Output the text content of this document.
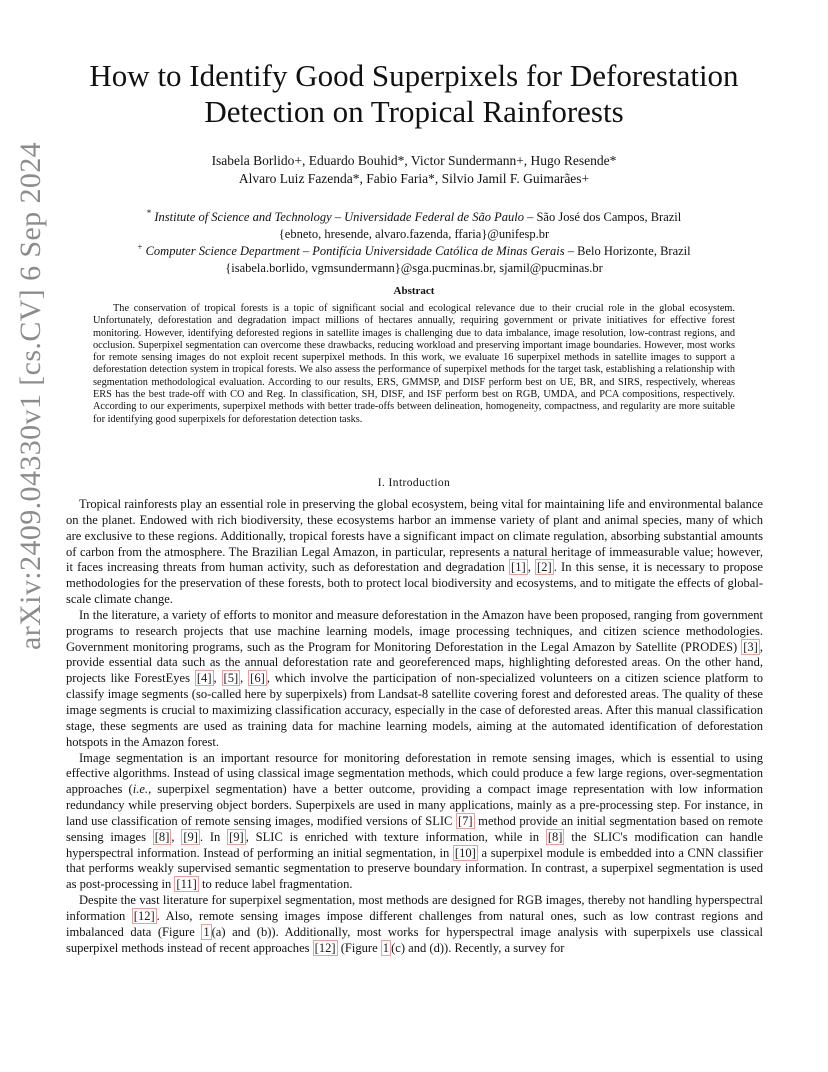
arXiv:2409.04330v1 [cs.CV] 6 Sep 2024
How to Identify Good Superpixels for Deforestation
Detection on Tropical Rainforests
Isabela Borlido+, Eduardo Bouhid*, Victor Sundermann+, Hugo Resende*
Alvaro Luiz Fazenda*, Fabio Faria*, Silvio Jamil F. Guimarães+
* Institute of Science and Technology – Universidade Federal de São Paulo – São José dos Campos, Brazil
{ebneto, hresende, alvaro.fazenda, ffaria}@unifesp.br
+ Computer Science Department – Pontifícia Universidade Católica de Minas Gerais – Belo Horizonte, Brazil
{isabela.borlido, vgmsundermann}@sga.pucminas.br, sjamil@pucminas.br
Abstract
The conservation of tropical forests is a topic of significant social and ecological relevance due to their crucial role in the global ecosystem. Unfortunately, deforestation and degradation impact millions of hectares annually, requiring government or private initiatives for effective forest monitoring. However, identifying deforested regions in satellite images is challenging due to data imbalance, image resolution, low-contrast regions, and occlusion. Superpixel segmentation can overcome these drawbacks, reducing workload and preserving important image boundaries. However, most works for remote sensing images do not exploit recent superpixel methods. In this work, we evaluate 16 superpixel methods in satellite images to support a deforestation detection system in tropical forests. We also assess the performance of superpixel methods for the target task, establishing a relationship with segmentation methodological evaluation. According to our results, ERS, GMMSP, and DISF perform best on UE, BR, and SIRS, respectively, whereas ERS has the best trade-off with CO and Reg. In classification, SH, DISF, and ISF perform best on RGB, UMDA, and PCA compositions, respectively. According to our experiments, superpixel methods with better trade-offs between delineation, homogeneity, compactness, and regularity are more suitable for identifying good superpixels for deforestation detection tasks.
I. Introduction

Tropical rainforests play an essential role in preserving the global ecosystem, being vital for maintaining life and environmental balance on the planet. Endowed with rich biodiversity, these ecosystems harbor an immense variety of plant and animal species, many of which are exclusive to these regions. Additionally, tropical forests have a significant impact on climate regulation, absorbing substantial amounts of carbon from the atmosphere. The Brazilian Legal Amazon, in particular, represents a natural heritage of immeasurable value; however, it faces increasing threats from human activity, such as deforestation and degradation [1] , [2] . In this sense, it is necessary to propose methodologies for the preservation of these forests, both to protect local biodiversity and ecosystems, and to mitigate the effects of global-scale climate change.

In the literature, a variety of efforts to monitor and measure deforestation in the Amazon have been proposed, ranging from government programs to research projects that use machine learning models, image processing techniques, and citizen science methodologies. Government monitoring programs, such as the Program for Monitoring Deforestation in the Legal Amazon by Satellite (PRODES) [3] , provide essential data such as the annual deforestation rate and georeferenced maps, highlighting deforested areas. On the other hand, projects like ForestEyes [4] , [5] , [6] , which involve the participation of non-specialized volunteers on a citizen science platform to classify image segments (so-called here by superpixels) from Landsat-8 satellite covering forest and deforested areas. The quality of these image segments is crucial to maximizing classification accuracy, especially in the case of deforested areas. After this manual classification stage, these segments are used as training data for machine learning models, aiming at the automated identification of deforestation hotspots in the Amazon forest.

Image segmentation is an important resource for monitoring deforestation in remote sensing images, which is essential to using effective algorithms. Instead of using classical image segmentation methods, which could produce a few large regions, over-segmentation approaches (i.e., superpixel segmentation) have a better outcome, providing a compact image representation with low information redundancy while preserving object borders. Superpixels are used in many applications, mainly as a pre-processing step. For instance, in land use classification of remote sensing images, modified versions of SLIC [7] method provide an initial segmentation based on remote sensing images [8] , [9] . In [9] , SLIC is enriched with texture information, while in [8] the SLIC's modification can handle hyperspectral information. Instead of performing an initial segmentation, in [10] a superpixel module is embedded into a CNN classifier that performs weakly supervised semantic segmentation to preserve boundary information. In contrast, a superpixel segmentation is used as post-processing in [11] to reduce label fragmentation.

Despite the vast literature for superpixel segmentation, most methods are designed for RGB images, thereby not handling hyperspectral information [12] . Also, remote sensing images impose different challenges from natural ones, such as low contrast regions and imbalanced data (Figure 1 (a) and (b)). Additionally, most works for hyperspectral image analysis with superpixels use classical superpixel methods instead of recent approaches [12] (Figure 1 (c) and (d)). Recently, a survey for
